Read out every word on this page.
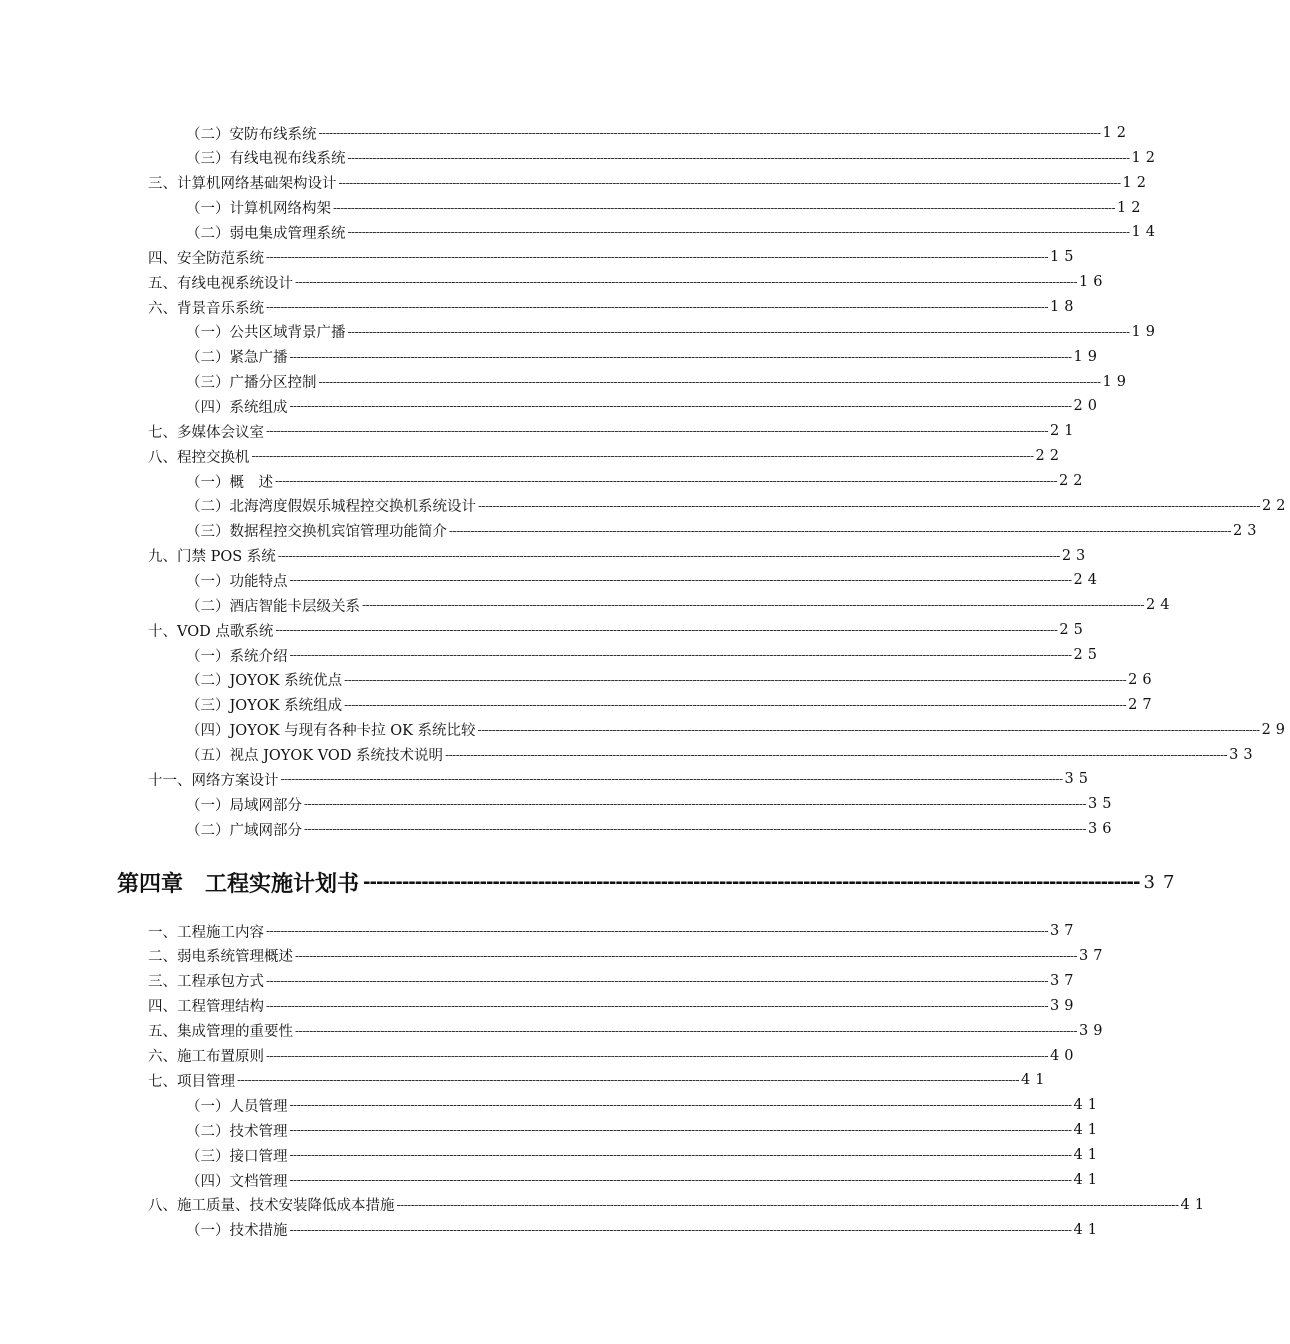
（二）安防布线系统 ---------------------------------------------------------------------------------------------------------------------------------------------------------------------------------------------------------------------------- 12
（三）有线电视布线系统 ---------------------------------------------------------------------------------------------------------------------------------------------------------------------------------------------------------------------------- 12
三、计算机网络基础架构设计 ---------------------------------------------------------------------------------------------------------------------------------------------------------------------------------------------------------------------------- 12
（一）计算机网络构架 ---------------------------------------------------------------------------------------------------------------------------------------------------------------------------------------------------------------------------- 12
（二）弱电集成管理系统 ---------------------------------------------------------------------------------------------------------------------------------------------------------------------------------------------------------------------------- 14
四、安全防范系统 ---------------------------------------------------------------------------------------------------------------------------------------------------------------------------------------------------------------------------- 15
五、有线电视系统设计 ---------------------------------------------------------------------------------------------------------------------------------------------------------------------------------------------------------------------------- 16
六、背景音乐系统 ---------------------------------------------------------------------------------------------------------------------------------------------------------------------------------------------------------------------------- 18
（一）公共区域背景广播 ---------------------------------------------------------------------------------------------------------------------------------------------------------------------------------------------------------------------------- 19
（二）紧急广播 ---------------------------------------------------------------------------------------------------------------------------------------------------------------------------------------------------------------------------- 19
（三）广播分区控制 ---------------------------------------------------------------------------------------------------------------------------------------------------------------------------------------------------------------------------- 19
（四）系统组成 ---------------------------------------------------------------------------------------------------------------------------------------------------------------------------------------------------------------------------- 20
七、多媒体会议室 ---------------------------------------------------------------------------------------------------------------------------------------------------------------------------------------------------------------------------- 21
八、程控交换机 ---------------------------------------------------------------------------------------------------------------------------------------------------------------------------------------------------------------------------- 22
（一）概　述 ---------------------------------------------------------------------------------------------------------------------------------------------------------------------------------------------------------------------------- 22
（二）北海湾度假娱乐城程控交换机系统设计 ---------------------------------------------------------------------------------------------------------------------------------------------------------------------------------------------------------------------------- 22
（三）数据程控交换机宾馆管理功能简介 ---------------------------------------------------------------------------------------------------------------------------------------------------------------------------------------------------------------------------- 23
九、门禁 POS 系统 ---------------------------------------------------------------------------------------------------------------------------------------------------------------------------------------------------------------------------- 23
（一）功能特点 ---------------------------------------------------------------------------------------------------------------------------------------------------------------------------------------------------------------------------- 24
（二）酒店智能卡层级关系 ---------------------------------------------------------------------------------------------------------------------------------------------------------------------------------------------------------------------------- 24
十、VOD 点歌系统 ---------------------------------------------------------------------------------------------------------------------------------------------------------------------------------------------------------------------------- 25
（一）系统介绍 ---------------------------------------------------------------------------------------------------------------------------------------------------------------------------------------------------------------------------- 25
（二）JOYOK 系统优点 ---------------------------------------------------------------------------------------------------------------------------------------------------------------------------------------------------------------------------- 26
（三）JOYOK 系统组成 ---------------------------------------------------------------------------------------------------------------------------------------------------------------------------------------------------------------------------- 27
（四）JOYOK 与现有各种卡拉 OK 系统比较 ---------------------------------------------------------------------------------------------------------------------------------------------------------------------------------------------------------------------------- 29
（五）视点 JOYOK VOD 系统技术说明 ---------------------------------------------------------------------------------------------------------------------------------------------------------------------------------------------------------------------------- 33
十一、网络方案设计 ---------------------------------------------------------------------------------------------------------------------------------------------------------------------------------------------------------------------------- 35
（一）局域网部分 ---------------------------------------------------------------------------------------------------------------------------------------------------------------------------------------------------------------------------- 35
（二）广域网部分 ---------------------------------------------------------------------------------------------------------------------------------------------------------------------------------------------------------------------------- 36
第四章　工程实施计划书 ------------------------------------------------------------------------------------------------------------------------ 37
一、工程施工内容 ---------------------------------------------------------------------------------------------------------------------------------------------------------------------------------------------------------------------------- 37
二、弱电系统管理概述 ---------------------------------------------------------------------------------------------------------------------------------------------------------------------------------------------------------------------------- 37
三、工程承包方式 ---------------------------------------------------------------------------------------------------------------------------------------------------------------------------------------------------------------------------- 37
四、工程管理结构 ---------------------------------------------------------------------------------------------------------------------------------------------------------------------------------------------------------------------------- 39
五、集成管理的重要性 ---------------------------------------------------------------------------------------------------------------------------------------------------------------------------------------------------------------------------- 39
六、施工布置原则 ---------------------------------------------------------------------------------------------------------------------------------------------------------------------------------------------------------------------------- 40
七、项目管理 ---------------------------------------------------------------------------------------------------------------------------------------------------------------------------------------------------------------------------- 41
（一）人员管理 ---------------------------------------------------------------------------------------------------------------------------------------------------------------------------------------------------------------------------- 41
（二）技术管理 ---------------------------------------------------------------------------------------------------------------------------------------------------------------------------------------------------------------------------- 41
（三）接口管理 ---------------------------------------------------------------------------------------------------------------------------------------------------------------------------------------------------------------------------- 41
（四）文档管理 ---------------------------------------------------------------------------------------------------------------------------------------------------------------------------------------------------------------------------- 41
八、施工质量、技术安装降低成本措施 ---------------------------------------------------------------------------------------------------------------------------------------------------------------------------------------------------------------------------- 41
（一）技术措施 ---------------------------------------------------------------------------------------------------------------------------------------------------------------------------------------------------------------------------- 41
